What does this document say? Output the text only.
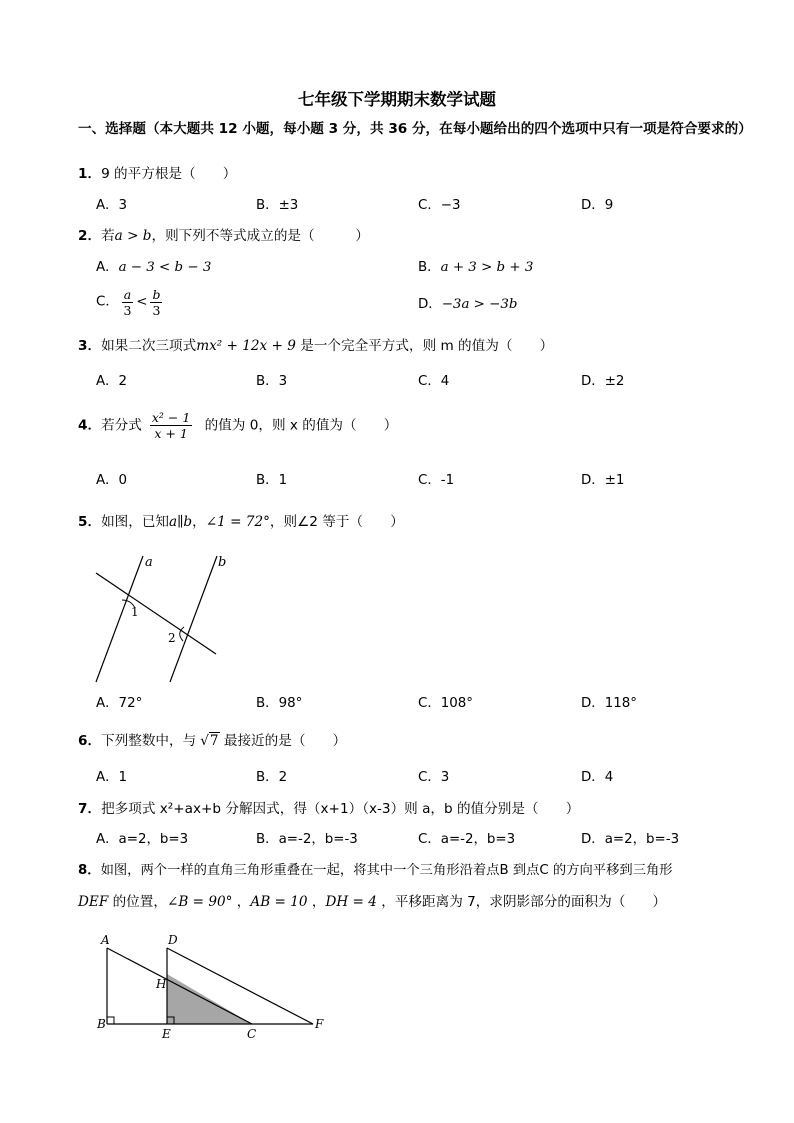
七年级下学期期末数学试题
一、选择题（本大题共 12 小题，每小题 3 分，共 36 分，在每小题给出的四个选项中只有一项是符合要求的）
1．9 的平方根是（　　）
A．3	B．±3	C．−3	D．9
2．若a > b，则下列不等式成立的是（　　　）
A．a − 3 < b − 3	B．a + 3 > b + 3
C． $\frac{a}{3} < \frac{b}{3}$	D．−3a > −3b
3．如果二次三项式mx² + 12x + 9 是一个完全平方式，则 m 的值为（　　）
A．2	B．3	C．4	D．±2
4．若分式 $\frac{\text{x² − 1}}{x + 1}$ 的值为 0，则 x 的值为（　　）
A．0	B．1	C．-1	D．±1
5．如图，已知a∥b，∠1 = 72°，则∠2 等于（　　）
a	b
1
2
A．72°	B．98°	C．108°	D．118°
6．下列整数中，与 √7 最接近的是（　　）
A．1	B．2	C．3	D．4
7．把多项式 x²+ax+b 分解因式，得（x+1）（x-3）则 a，b 的值分别是（　　）
A．a=2，b=3	B．a=-2，b=-3	C．a=-2，b=3	D．a=2，b=-3
8．如图，两个一样的直角三角形重叠在一起，将其中一个三角形沿着点B 到点C 的方向平移到三角形
DEF 的位置，∠B = 90° ，AB = 10 ，DH = 4 ，平移距离为 7，求阴影部分的面积为（　　）
A	D
H
B
E	C
F
